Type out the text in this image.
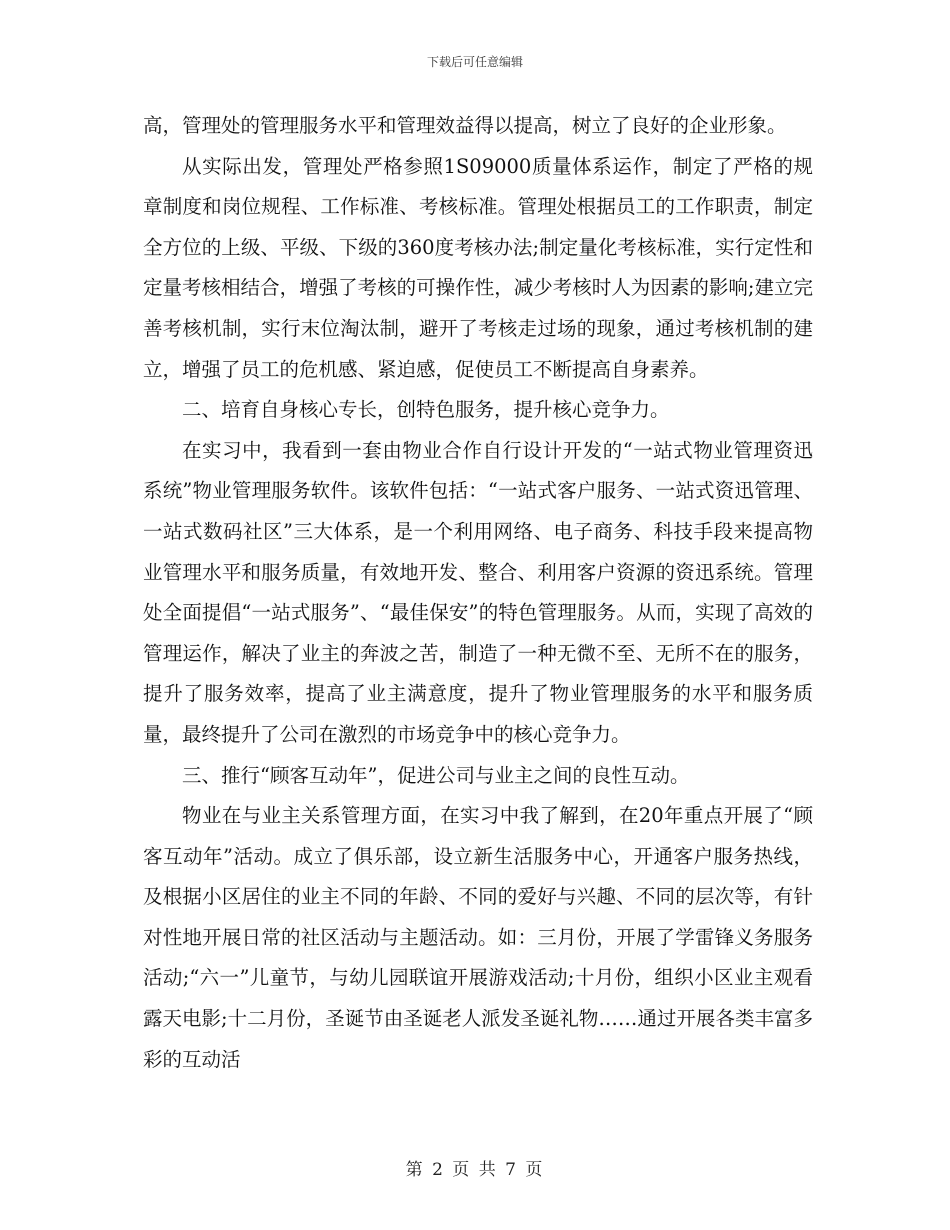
下载后可任意编辑

高，管理处的管理服务水平和管理效益得以提高，树立了良好的企业形象。

从实际出发，管理处严格参照1S09000质量体系运作，制定了严格的规章制度和岗位规程、工作标准、考核标准。管理处根据员工的工作职责，制定全方位的上级、平级、下级的360度考核办法;制定量化考核标准，实行定性和定量考核相结合，增强了考核的可操作性，减少考核时人为因素的影响;建立完善考核机制，实行末位淘汰制，避开了考核走过场的现象，通过考核机制的建立，增强了员工的危机感、紧迫感，促使员工不断提高自身素养。

二、培育自身核心专长，创特色服务，提升核心竞争力。

在实习中，我看到一套由物业合作自行设计开发的“一站式物业管理资迅系统”物业管理服务软件。该软件包括：“一站式客户服务、一站式资迅管理、一站式数码社区”三大体系，是一个利用网络、电子商务、科技手段来提高物业管理水平和服务质量，有效地开发、整合、利用客户资源的资迅系统。管理处全面提倡“一站式服务”、“最佳保安”的特色管理服务。从而，实现了高效的管理运作，解决了业主的奔波之苦，制造了一种无微不至、无所不在的服务，提升了服务效率，提高了业主满意度，提升了物业管理服务的水平和服务质量，最终提升了公司在激烈的市场竞争中的核心竞争力。

三、推行“顾客互动年”，促进公司与业主之间的良性互动。

物业在与业主关系管理方面，在实习中我了解到，在20年重点开展了“顾客互动年”活动。成立了俱乐部，设立新生活服务中心，开通客户服务热线，及根据小区居住的业主不同的年龄、不同的爱好与兴趣、不同的层次等，有针对性地开展日常的社区活动与主题活动。如：三月份，开展了学雷锋义务服务活动;“六一”儿童节，与幼儿园联谊开展游戏活动;十月份，组织小区业主观看露天电影;十二月份，圣诞节由圣诞老人派发圣诞礼物……通过开展各类丰富多彩的互动活

第 2 页 共 7 页
